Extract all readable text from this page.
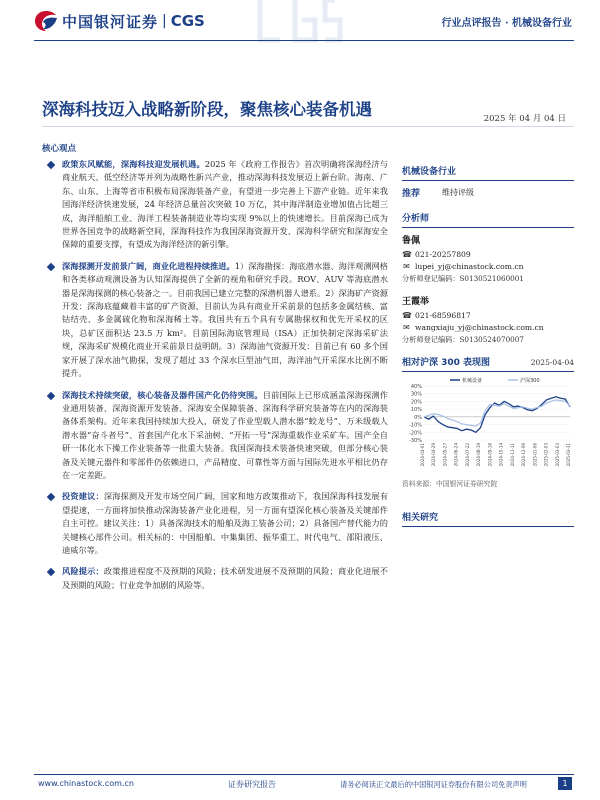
中国银河证券 | CGS	行业点评报告 · 机械设备行业
深海科技迈入战略新阶段，聚焦核心装备机遇	2025 年 04 月 04 日
核心观点
政策东风赋能，深海科技迎发展机遇。2025 年《政府工作报告》首次明确将深海经济与商业航天、低空经济等并列为战略性新兴产业，推动深海科技发展迈上新台阶。海南、广东、山东、上海等省市积极布局深海装备产业，有望进一步完善上下游产业链。近年来我国海洋经济快速发展，24 年经济总量首次突破 10 万亿，其中海洋制造业增加值占比超三成，海洋船舶工业、海洋工程装备制造业等均实现 9%以上的快速增长。目前深海已成为世界各国竞争的战略新空间，深海科技作为我国深海资源开发、深海科学研究和深海安全保障的重要支撑，有望成为海洋经济的新引擎。
深海探测开发前景广阔，商业化进程持续推进。1）深海勘探：海底潜水器、海洋观测网格和各类移动观测设备为认知深海提供了全新的视角和研究手段。ROV、AUV 等海底潜水器是深海探测的核心装备之一。目前我国已建立完整的深潜机器人谱系。2）深海矿产资源开发：深海底蕴藏着丰富的矿产资源，目前认为具有商业开采前景的包括多金属结核、富钴结壳、多金属硫化物和深海稀土等。我国共有五个具有专属勘探权和优先开采权的区块，总矿区面积达 23.5 万 km²。目前国际海底管理局（ISA）正加快制定深海采矿法规，深海采矿规模化商业开采前景日益明朗。3）深海油气资源开发：目前已有 60 多个国家开展了深水油气勘探，发现了超过 33 个深水巨型油气田，海洋油气开采深水比例不断提升。
深海技术持续突破，核心装备及器件国产化仍待突围。目前国际上已形成涵盖深海探测作业通用装备、深海资源开发装备、深海安全保障装备、深海科学研究装备等在内的深海装备体系架构。近年来我国持续加大投入，研发了作业型载人潜水器“蛟龙号”、万米级载人潜水器“奋斗者号”、首套国产化水下采油树、“开拓一号”深海重载作业采矿车。国产全自研一体化水下操工作业装备等一批重大装备。我国深海技术装备快速突破，但部分核心装备及关键元器件和零部件仍依赖进口，产品精度、可靠性等方面与国际先进水平相比仍存在一定差距。
投资建议：深海探测及开发市场空间广阔，国家和地方政策推动下，我国深海科技发展有望提速，一方面将加快推动深海装备产业化进程，另一方面有望深化核心装备及关键部件自主可控。建议关注：1）具备深海技术的船舶及海工装备公司；2）具备国产替代能力的关键核心部件公司。相关标的：中国船舶、中集集团、振华重工、时代电气、邵阳液压、迪威尔等。
风险提示：政策推进程度不及预期的风险；技术研发进展不及预期的风险；商业化进展不及预期的风险；行业竞争加剧的风险等。
机械设备行业
推荐	维持评级
分析师
鲁佩
☎ 021-20257809
✉ lupei_yj@chinastock.com.cn
分析师登记编码：S0130521060001
王霞举
☎ 021-68596817
✉ wangxiaju_yj@chinastock.com.cn
分析师登记编码：S0130524070007
相对沪深 300 表现图	2025-04-04
40%
30%
20%
10%
0%
-10%
-20%
-30%
2024-04-01 2024-04-29 2024-05-27 2024-06-24 2024-07-22 2024-08-19 2024-09-16 2024-10-14 2024-11-11 2024-12-09 2025-01-06 2025-02-03 2025-03-03 2025-03-31
机械设备	沪深300
资料来源：中国银河证券研究院
相关研究
www.chinastock.com.cn	证券研究报告	请务必阅读正文最后的中国银河证券股份有限公司免责声明	1
